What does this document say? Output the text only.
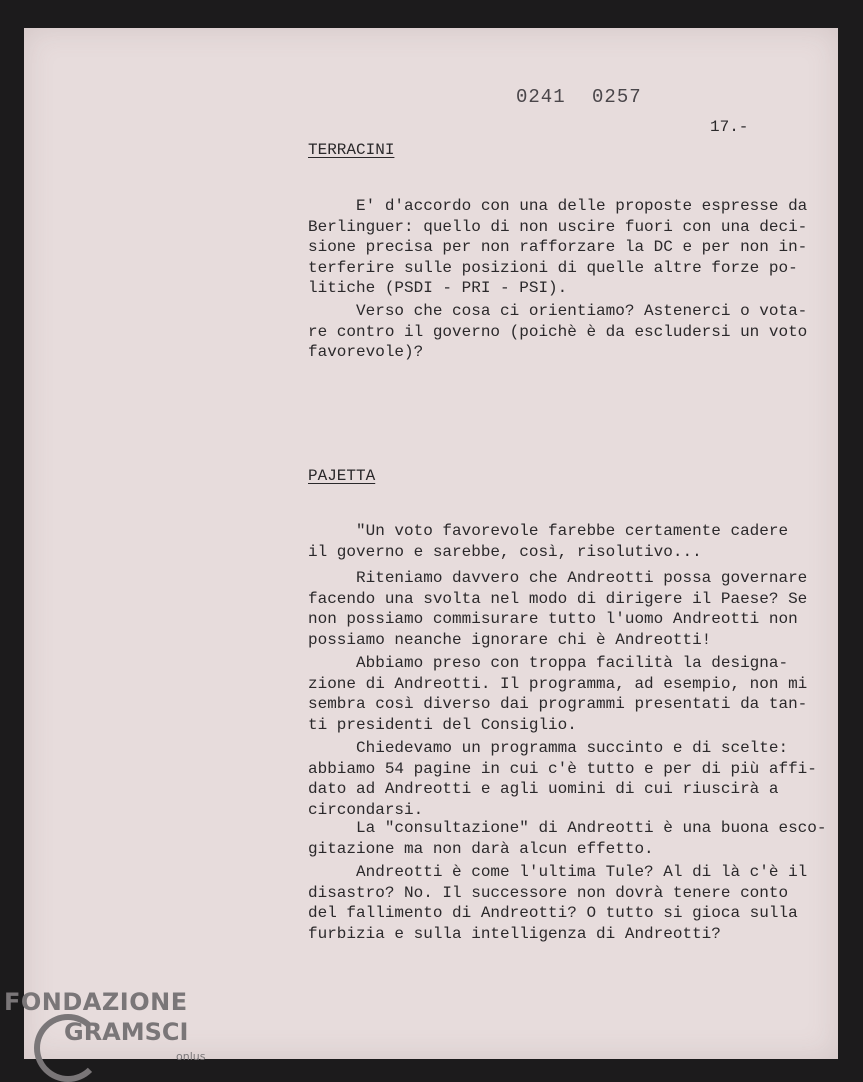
0241 0257
17.-
TERRACINI
E' d'accordo con una delle proposte espresse da
Berlinguer: quello di non uscire fuori con una deci-
sione precisa per non rafforzare la DC e per non in-
terferire sulle posizioni di quelle altre forze po-
litiche (PSDI - PRI - PSI).
Verso che cosa ci orientiamo? Astenerci o vota-
re contro il governo (poichè è da escludersi un voto
favorevole)?
PAJETTA
"Un voto favorevole farebbe certamente cadere
il governo e sarebbe, così, risolutivo...
Riteniamo davvero che Andreotti possa governare
facendo una svolta nel modo di dirigere il Paese? Se
non possiamo commisurare tutto l'uomo Andreotti non
possiamo neanche ignorare chi è Andreotti!
Abbiamo preso con troppa facilità la designa-
zione di Andreotti. Il programma, ad esempio, non mi
sembra così diverso dai programmi presentati da tan-
ti presidenti del Consiglio.
Chiedevamo un programma succinto e di scelte:
abbiamo 54 pagine in cui c'è tutto e per di più affi-
dato ad Andreotti e agli uomini di cui riuscirà a
circondarsi.
La "consultazione" di Andreotti è una buona esco-
gitazione ma non darà alcun effetto.
Andreotti è come l'ultima Tule? Al di là c'è il
disastro? No. Il successore non dovrà tenere conto
del fallimento di Andreotti? O tutto si gioca sulla
furbizia e sulla intelligenza di Andreotti?
FONDAZIONE
GRAMSCI
onlus
